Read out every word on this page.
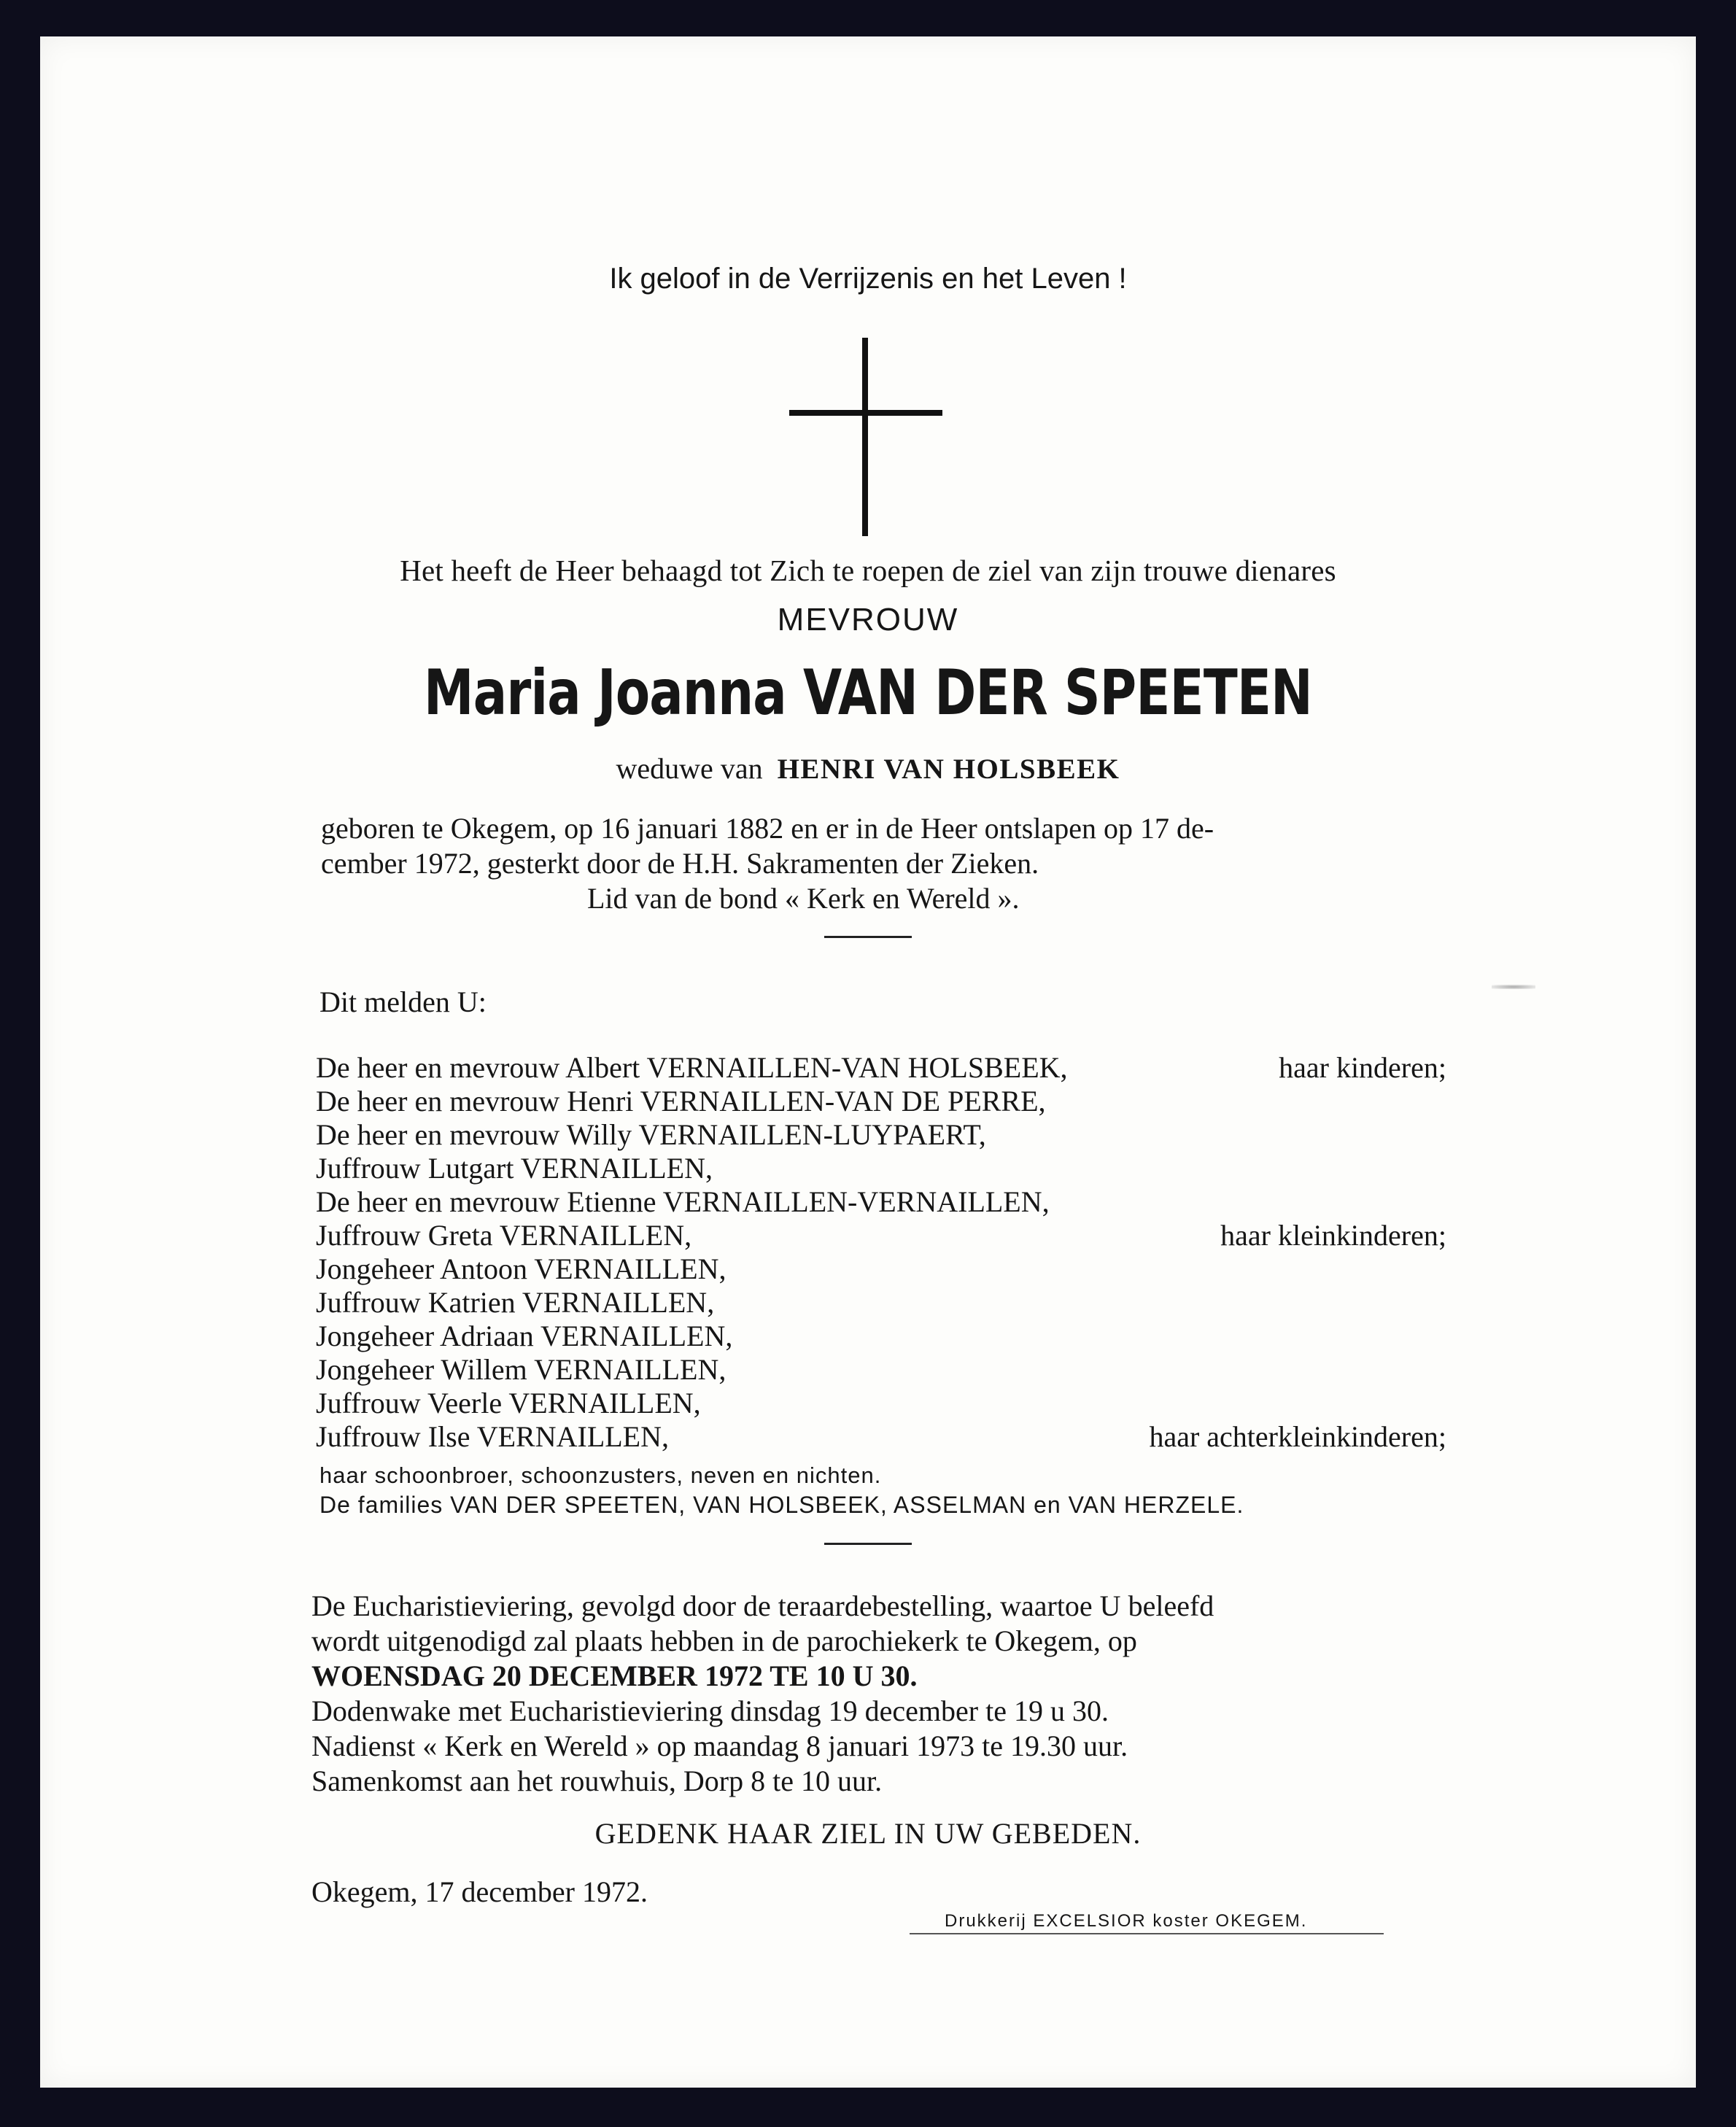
Ik geloof in de Verrijzenis en het Leven !
Het heeft de Heer behaagd tot Zich te roepen de ziel van zijn trouwe dienares
MEVROUW
Maria Joanna VAN DER SPEETEN
weduwe van HENRI VAN HOLSBEEK
geboren te Okegem, op 16 januari 1882 en er in de Heer ontslapen op 17 de-
cember 1972, gesterkt door de H.H. Sakramenten der Zieken.
Lid van de bond « Kerk en Wereld ».
Dit melden U:
De heer en mevrouw Albert VERNAILLEN-VAN HOLSBEEK,	haar kinderen;
De heer en mevrouw Henri VERNAILLEN-VAN DE PERRE,
De heer en mevrouw Willy VERNAILLEN-LUYPAERT,
Juffrouw Lutgart VERNAILLEN,
De heer en mevrouw Etienne VERNAILLEN-VERNAILLEN,
Juffrouw Greta VERNAILLEN,	haar kleinkinderen;
Jongeheer Antoon VERNAILLEN,
Juffrouw Katrien VERNAILLEN,
Jongeheer Adriaan VERNAILLEN,
Jongeheer Willem VERNAILLEN,
Juffrouw Veerle VERNAILLEN,
Juffrouw Ilse VERNAILLEN,	haar achterkleinkinderen;
haar schoonbroer, schoonzusters, neven en nichten.
De families VAN DER SPEETEN, VAN HOLSBEEK, ASSELMAN en VAN HERZELE.
De Eucharistieviering, gevolgd door de teraardebestelling, waartoe U beleefd
wordt uitgenodigd zal plaats hebben in de parochiekerk te Okegem, op
WOENSDAG 20 DECEMBER 1972 TE 10 U 30.
Dodenwake met Eucharistieviering dinsdag 19 december te 19 u 30.
Nadienst « Kerk en Wereld » op maandag 8 januari 1973 te 19.30 uur.
Samenkomst aan het rouwhuis, Dorp 8 te 10 uur.
GEDENK HAAR ZIEL IN UW GEBEDEN.
Okegem, 17 december 1972.
Drukkerij EXCELSIOR koster OKEGEM.
